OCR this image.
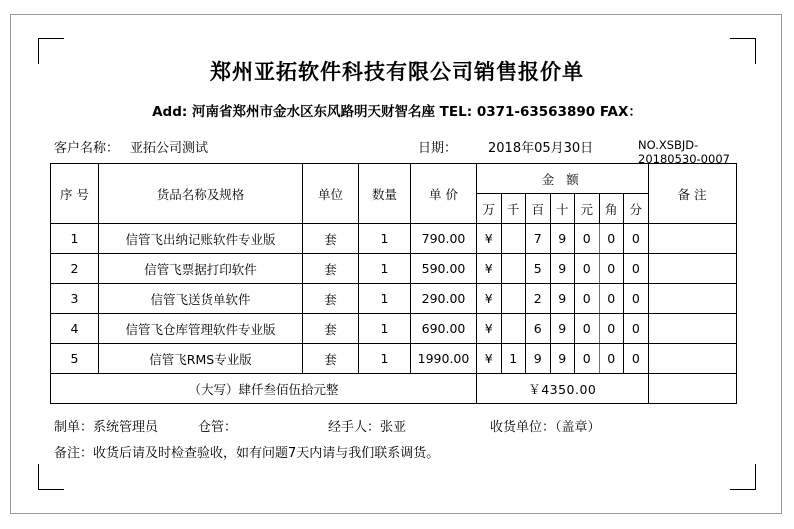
郑州亚拓软件科技有限公司销售报价单
Add: 河南省郑州市金水区东风路明天财智名座 TEL: 0371-63563890 FAX：
客户名称： 亚拓公司测试	日期： 2018年05月30日	NO.XSBJD-20180530-0007
序 号	货品名称及规格	单位	数量	单 价	金 额							备 注
					万	千	百	十	元	角	分	
1	信管飞出纳记账软件专业版	套	1	790.00	¥		7	9	0	0	0	
2	信管飞票据打印软件	套	1	590.00	¥		5	9	0	0	0	
3	信管飞送货单软件	套	1	290.00	¥		2	9	0	0	0	
4	信管飞仓库管理软件专业版	套	1	690.00	¥		6	9	0	0	0	
5	信管飞RMS专业版	套	1	1990.00	¥	1	9	9	0	0	0	
（大写）肆仟叁佰伍拾元整					￥4350.00							
制单：系统管理员	仓管：	经手人：张亚	收货单位：（盖章）
备注：收货后请及时检查验收，如有问题7天内请与我们联系调货。
